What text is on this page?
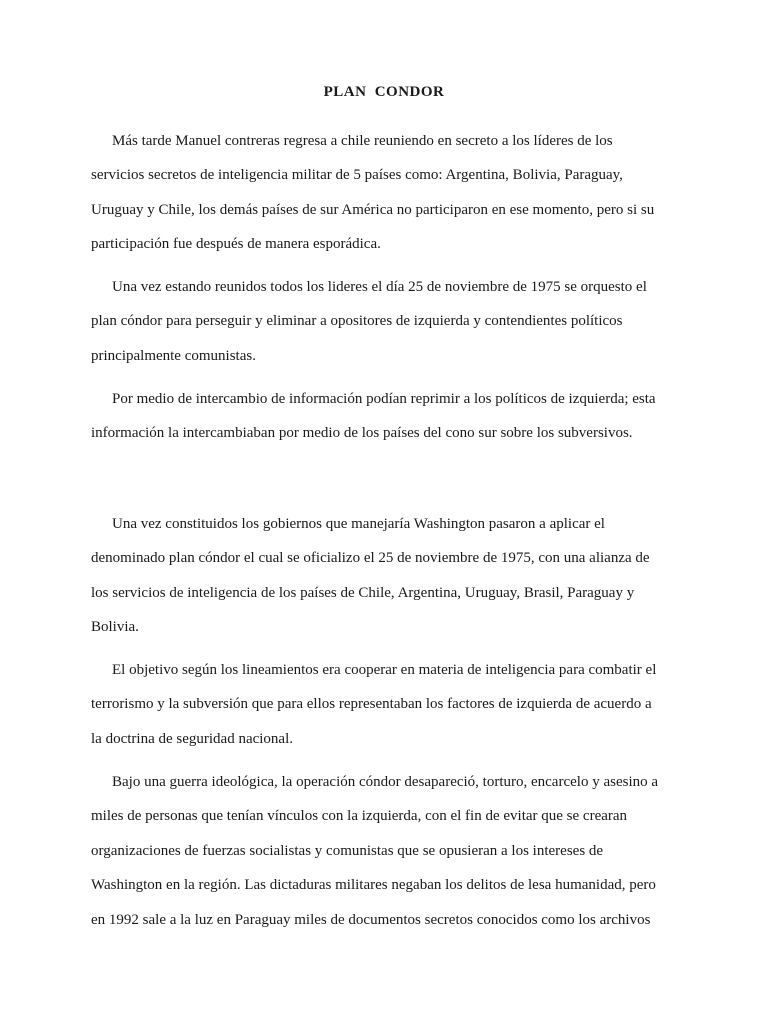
PLAN CONDOR

Más tarde Manuel contreras regresa a chile reuniendo en secreto a los líderes de los
servicios secretos de inteligencia militar de 5 países como: Argentina, Bolivia, Paraguay,
Uruguay y Chile, los demás países de sur América no participaron en ese momento, pero si su
participación fue después de manera esporádica.

Una vez estando reunidos todos los lideres el día 25 de noviembre de 1975 se orquesto el
plan cóndor para perseguir y eliminar a opositores de izquierda y contendientes políticos
principalmente comunistas.

Por medio de intercambio de información podían reprimir a los políticos de izquierda; esta
información la intercambiaban por medio de los países del cono sur sobre los subversivos.

Una vez constituidos los gobiernos que manejaría Washington pasaron a aplicar el
denominado plan cóndor el cual se oficializo el 25 de noviembre de 1975, con una alianza de
los servicios de inteligencia de los países de Chile, Argentina, Uruguay, Brasil, Paraguay y
Bolivia.

El objetivo según los lineamientos era cooperar en materia de inteligencia para combatir el
terrorismo y la subversión que para ellos representaban los factores de izquierda de acuerdo a
la doctrina de seguridad nacional.

Bajo una guerra ideológica, la operación cóndor desapareció, torturo, encarcelo y asesino a
miles de personas que tenían vínculos con la izquierda, con el fin de evitar que se crearan
organizaciones de fuerzas socialistas y comunistas que se opusieran a los intereses de
Washington en la región. Las dictaduras militares negaban los delitos de lesa humanidad, pero
en 1992 sale a la luz en Paraguay miles de documentos secretos conocidos como los archivos
